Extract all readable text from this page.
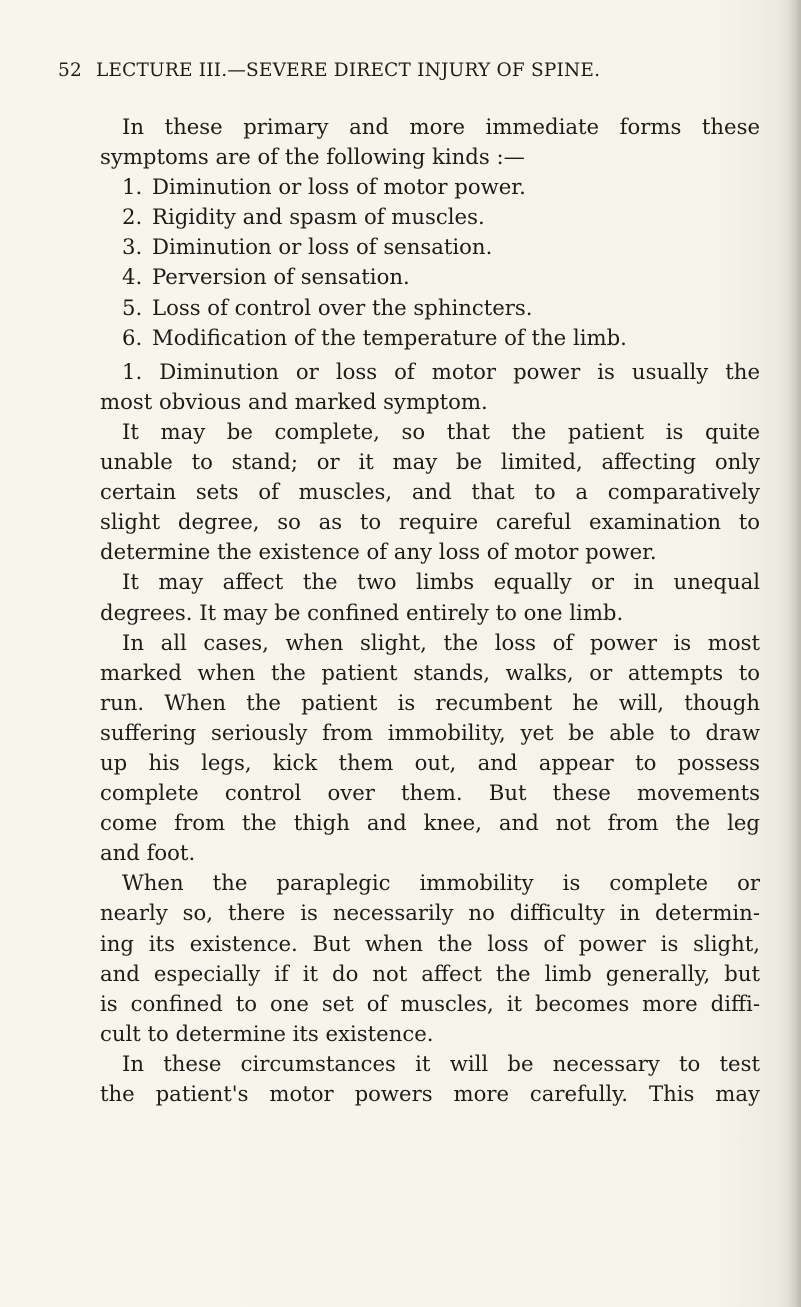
52 LECTURE III.—SEVERE DIRECT INJURY OF SPINE.
In these primary and more immediate forms these
symptoms are of the following kinds :—
1. Diminution or loss of motor power.
2. Rigidity and spasm of muscles.
3. Diminution or loss of sensation.
4. Perversion of sensation.
5. Loss of control over the sphincters.
6. Modification of the temperature of the limb.
1. Diminution or loss of motor power is usually the
most obvious and marked symptom.
It may be complete, so that the patient is quite
unable to stand; or it may be limited, affecting only
certain sets of muscles, and that to a comparatively
slight degree, so as to require careful examination to
determine the existence of any loss of motor power.
It may affect the two limbs equally or in unequal
degrees. It may be confined entirely to one limb.
In all cases, when slight, the loss of power is most
marked when the patient stands, walks, or attempts to
run. When the patient is recumbent he will, though
suffering seriously from immobility, yet be able to draw
up his legs, kick them out, and appear to possess
complete control over them. But these movements
come from the thigh and knee, and not from the leg
and foot.
When the paraplegic immobility is complete or
nearly so, there is necessarily no difficulty in determin-
ing its existence. But when the loss of power is slight,
and especially if it do not affect the limb generally, but
is confined to one set of muscles, it becomes more diffi-
cult to determine its existence.
In these circumstances it will be necessary to test
the patient's motor powers more carefully. This may
